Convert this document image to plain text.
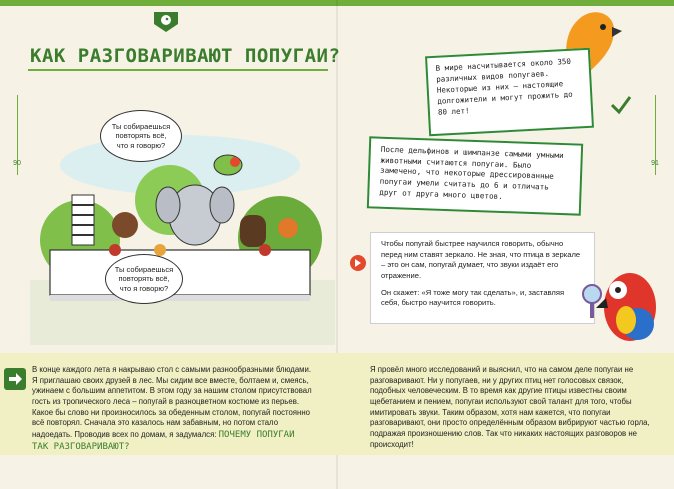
КАК РАЗГОВАРИВАЮТ ПОПУГАИ?
90	91
Ты собираешься повторять всё, что я говорю?
Ты собираешься повторять всё, что я говорю?
В мире насчитывается около 350 различных видов попугаев. Некоторые из них – настоящие долгожители и могут прожить до 80 лет!
После дельфинов и шимпанзе самыми умными животными считаются попугаи. Было замечено, что некоторые дрессированные попугаи умели считать до 6 и отличать друг от друга много цветов.

Чтобы попугай быстрее научился говорить, обычно перед ним ставят зеркало. Не зная, что птица в зеркале – это он сам, попугай думает, что звуки издаёт его отражение.

Он скажет: «Я тоже могу так сделать», и, заставляя себя, быстро научится говорить.

В конце каждого лета я накрываю стол с самыми разнообразными блюдами. Я приглашаю своих друзей в лес. Мы сидим все вместе, болтаем и, смеясь, ужинаем с большим аппетитом. В этом году за нашим столом присутствовал гость из тропического леса – попугай в разноцветном костюме из перьев. Какое бы слово ни произносилось за обеденным столом, попугай постоянно всё повторял. Сначала это казалось нам забавным, но потом стало надоедать. Проводив всех по домам, я задумался: ПОЧЕМУ ПОПУГАИ ТАК РАЗГОВАРИВАЮТ?
Я провёл много исследований и выяснил, что на самом деле попугаи не разговаривают. Ни у попугаев, ни у других птиц нет голосовых связок, подобных человеческим. В то время как другие птицы известны своим щебетанием и пением, попугаи используют свой талант для того, чтобы имитировать звуки. Таким образом, хотя нам кажется, что попугаи разговаривают, они просто определённым образом вибрируют частью горла, подражая произношению слов. Так что никаких настоящих разговоров не происходит!
